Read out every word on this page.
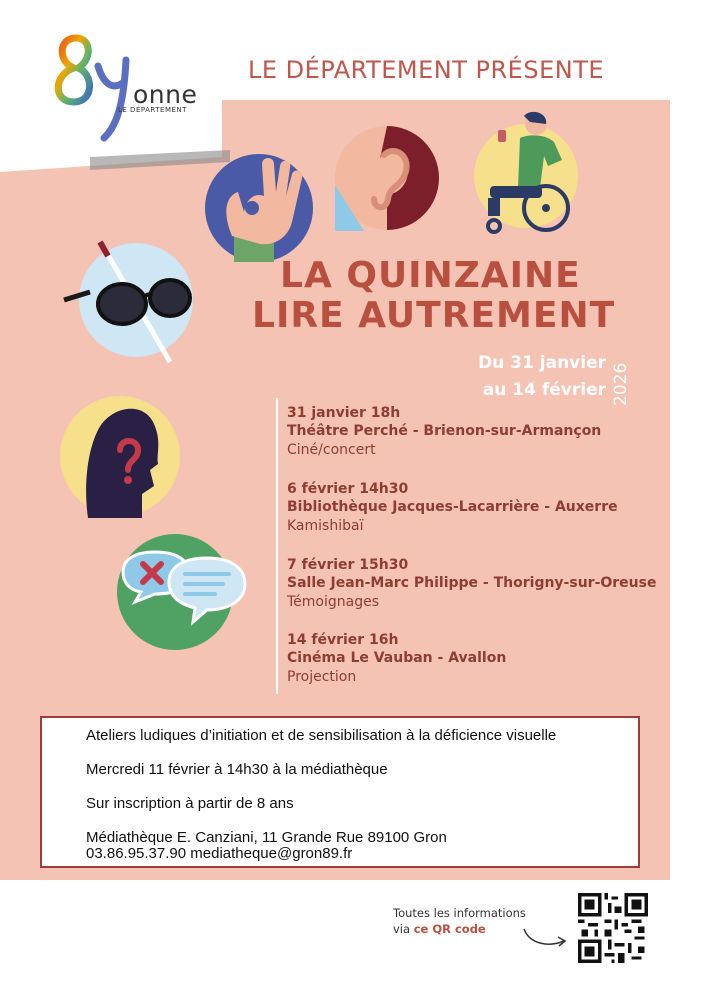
onne
LE DÉPARTEMENT
LE DÉPARTEMENT PRÉSENTE
LA QUINZAINE
LIRE AUTREMENT
Du 31 janvier
au 14 février 2026
31 janvier 18h
Théâtre Perché - Brienon-sur-Armançon
Ciné/concert
6 février 14h30
Bibliothèque Jacques-Lacarrière - Auxerre
Kamishibaï
7 février 15h30
Salle Jean-Marc Philippe - Thorigny-sur-Oreuse
Témoignages
14 février 16h
Cinéma Le Vauban - Avallon
Projection

Ateliers ludiques d’initiation et de sensibilisation à la déficience visuelle

Mercredi 11 février à 14h30 à la médiathèque

Sur inscription à partir de 8 ans

Médiathèque E. Canziani, 11 Grande Rue 89100 Gron

03.86.95.37.90 mediatheque@gron89.fr

Toutes les informations
via ce QR code
